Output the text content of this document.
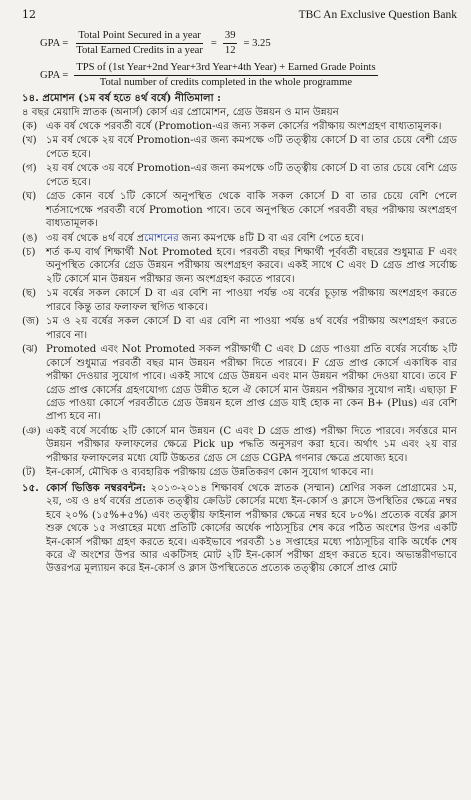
12	TBC An Exclusive Question Bank
GPA = $\frac{\text{Total Point Secured in a year}}{\text{Total Earned Credits in a year}} = \frac{39}{12} = 3.25$
GPA =
TPS of (1st Year+2nd Year+3rd Year+4th Year) + Earned Grade Points
Total number of credits completed in the whole programme
১৪. প্রমোশন (১ম বর্ষ হতে ৪র্থ বর্ষে) নীতিমালা :
৪ বছর মেয়াদি স্নাতক (অনার্স) কোর্স এর প্রোমোশন, গ্রেড উন্নয়ন ও মান উন্নয়ন
(ক) এক বর্ষ থেকে পরবর্তী বর্ষে (Promotion-এর জন্য সকল কোর্সের পরীক্ষায় অংশগ্রহণ বাধ্যতামূলক।
(খ) ১ম বর্ষ থেকে ২য় বর্ষে Promotion-এর জন্য কমপক্ষে ৩টি তত্ত্বীয় কোর্সে D বা তার চেয়ে বেশী গ্রেড পেতে হবে।
(গ) ২য় বর্ষ থেকে ৩য় বর্ষে Promotion-এর জন্য কমপক্ষে ৩টি তত্ত্বীয় কোর্সে D বা তার চেয়ে বেশি গ্রেড পেতে হবে।
(ঘ) গ্রেড কোন বর্ষে ১টি কোর্সে অনুপস্থিত থেকে বাকি সকল কোর্সে D বা তার চেয়ে বেশি পেলে শর্তসাপেক্ষে পরবর্তী বর্ষে Promotion পাবে। তবে অনুপস্থিত কোর্সে পরবর্তী বছর পরীক্ষায় অংশগ্রহণ বাধ্যতামূলক।
(ঙ) ৩য় বর্ষ থেকে ৪র্থ বর্ষে প্রমোশনের জন্য কমপক্ষে ৪টি D বা এর বেশি পেতে হবে।
(চ)	শর্ত ক-ঘ বার্থ শিক্ষার্থী Not Promoted হবে। পরবর্তী বছর শিক্ষার্থী পূর্ববর্তী বছরের শুধুমাত্র F এবং অনুপস্থিত কোর্সের গ্রেড উন্নয়ন পরীক্ষায় অংশগ্রহণ করবে। একই সাথে C এবং D গ্রেড প্রাপ্ত সর্বোচ্চ ২টি কোর্সে মান উন্নয়ন পরীক্ষার জন্য অংশগ্রহণ করতে পারবে।
(ছ) ১ম বর্ষের সকল কোর্সে D বা এর বেশি না পাওয়া পর্যন্ত ৩য় বর্ষের চূড়ান্ত পরীক্ষায় অংশগ্রহণ করতে পারবে কিন্তু তার ফলাফল স্থগিত থাকবে।
(জ) ১ম ও ২য় বর্ষের সকল কোর্সে D বা এর বেশি না পাওয়া পর্যন্ত ৪র্থ বর্ষের পরীক্ষায় অংশগ্রহণ করতে পারবে না।
(ঝ) Promoted এবং Not Promoted সকল পরীক্ষার্থী C এবং D গ্রেড পাওয়া প্রতি বর্ষের সর্বোচ্চ ২টি কোর্সে শুধুমাত্র পরবর্তী বছর মান উন্নয়ন পরীক্ষা দিতে পারবে। F গ্রেড প্রাপ্ত কোর্সে একাধিক বার পরীক্ষা দেওয়ার সুযোগ পাবে। একই সাথে গ্রেড উন্নয়ন এবং মান উন্নয়ন পরীক্ষা দেওয়া যাবে। তবে F গ্রেড প্রাপ্ত কোর্সের গ্রহণযোগ্য গ্রেড উন্নীত হলে ঐ কোর্সে মান উন্নয়ন পরীক্ষার সুযোগ নাই। এছাড়া F গ্রেড পাওয়া কোর্সে পরবর্তীতে গ্রেড উন্নয়ন হলে প্রাপ্ত গ্রেড যাই হোক না কেন B+ (Plus) এর বেশি প্রাপ্য হবে না।
(ঞ) একই বর্ষে সর্বোচ্চ ২টি কোর্সে মান উন্নয়ন (C এবং D গ্রেড প্রাপ্ত) পরীক্ষা দিতে পারবে। সর্বত্তরে মান উন্নয়ন পরীক্ষার ফলাফলের ক্ষেত্রে Pick up পদ্ধতি অনুসরণ করা হবে। অর্থাৎ ১ম এবং ২য় বার পরীক্ষার ফলাফলের মধ্যে যেটি উচ্চতর গ্রেড সে গ্রেড CGPA গণনার ক্ষেত্রে প্রযোজ্য হবে।
(ট)	ইন-কোর্স, মৌখিক ও ব্যবহারিক পরীক্ষায় গ্রেড উন্নতিকরণ কোন সুযোগ থাকবে না।
১৫. কোর্স ভিত্তিক নম্বরবন্টন: ২০১৩-২০১৪ শিক্ষাবর্ষ থেকে স্নাতক (সম্মান) শ্রেণির সকল প্রোগ্রামের ১ম, ২য়, ৩য় ও ৪র্থ বর্ষের প্রত্যেক তত্ত্বীয় ক্রেডিট কোর্সের মধ্যে ইন-কোর্স ও ক্লাসে উপস্থিতির ক্ষেত্রে নম্বর হবে ২০% (১৫%+৫%) এবং তত্ত্বীয় ফাইনাল পরীক্ষার ক্ষেত্রে নম্বর হবে ৮০%। প্রত্যেক বর্ষের ক্লাস শুরু থেকে ১৫ সপ্তাহের মধ্যে প্রতিটি কোর্সের অর্ধেক পাঠ্যসূচির শেষ করে পঠিত অংশের উপর একটি ইন-কোর্স পরীক্ষা গ্রহণ করতে হবে। একইভাবে পরবর্তী ১৪ সপ্তাহের মধ্যে পাঠ্যসূচির বাকি অর্ধেক শেষ করে ঐ অংশের উপর আর একটিসহ মোট ২টি ইন-কোর্স পরীক্ষা গ্রহণ করতে হবে। অভ্যন্তরীণভাবে উত্তরপত্র মূল্যায়ন করে ইন-কোর্স ও ক্লাস উপস্থিতেতে প্রত্যেক তত্ত্বীয় কোর্সে প্রাপ্ত মোট
